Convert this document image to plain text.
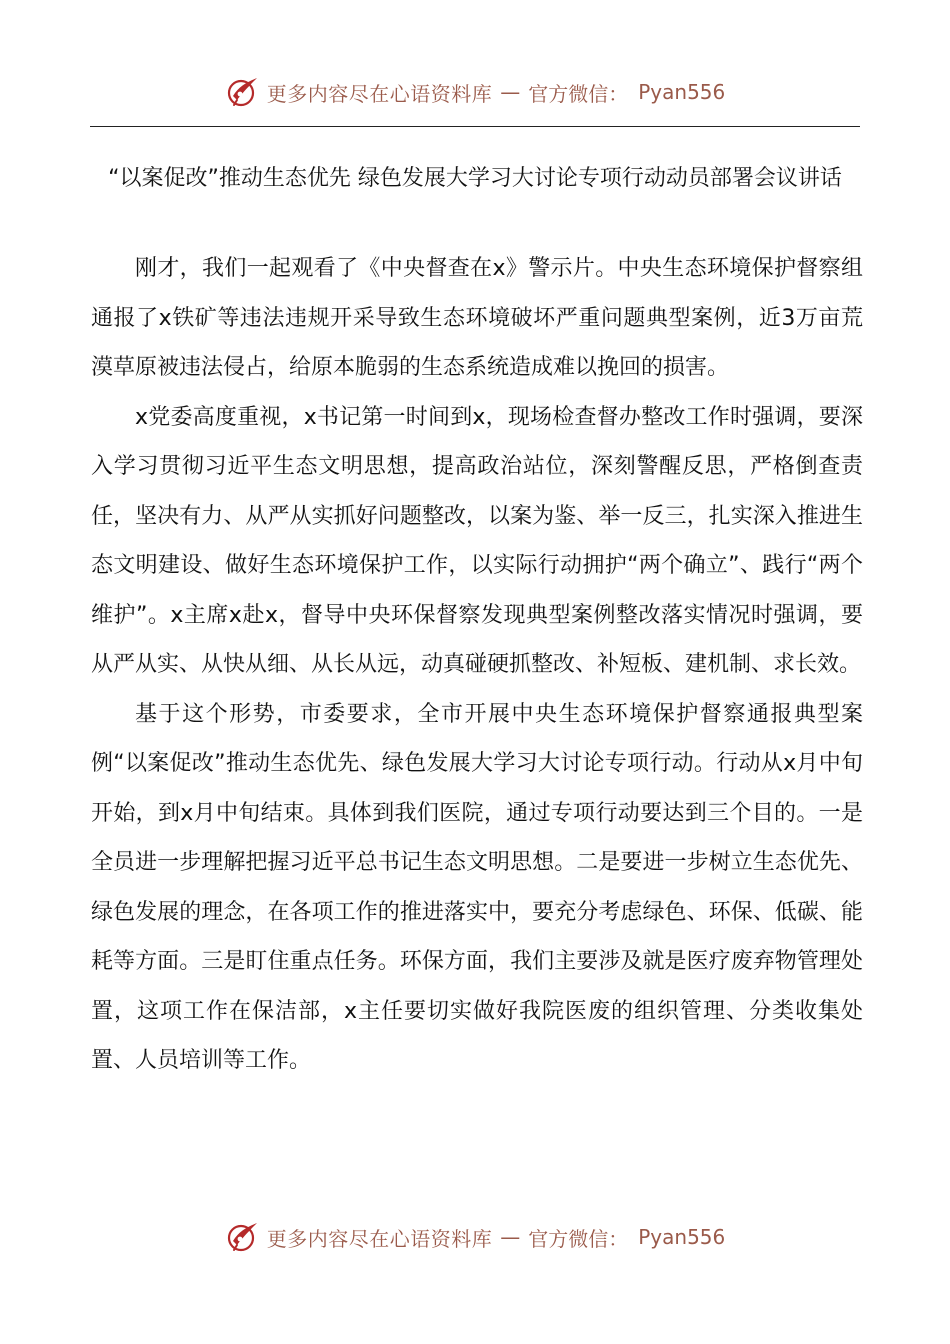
更多内容尽在心语资料库 — 官方微信： Pyan556
“以案促改”推动生态优先 绿色发展大学习大讨论专项行动动员部署会议讲话

刚才，我们一起观看了《中央督查在x》警示片。中央生态环境保护督察组通报了x铁矿等违法违规开采导致生态环境破坏严重问题典型案例，近3万亩荒漠草原被违法侵占，给原本脆弱的生态系统造成难以挽回的损害。

x党委高度重视，x书记第一时间到x，现场检查督办整改工作时强调，要深入学习贯彻习近平生态文明思想，提高政治站位，深刻警醒反思，严格倒查责任，坚决有力、从严从实抓好问题整改，以案为鉴、举一反三，扎实深入推进生态文明建设、做好生态环境保护工作，以实际行动拥护“两个确立”、践行“两个维护”。x主席x赴x，督导中央环保督察发现典型案例整改落实情况时强调，要从严从实、从快从细、从长从远，动真碰硬抓整改、补短板、建机制、求长效。

基于这个形势，市委要求，全市开展中央生态环境保护督察通报典型案例“以案促改”推动生态优先、绿色发展大学习大讨论专项行动。行动从x月中旬开始，到x月中旬结束。具体到我们医院，通过专项行动要达到三个目的。一是全员进一步理解把握习近平总书记生态文明思想。二是要进一步树立生态优先、绿色发展的理念，在各项工作的推进落实中，要充分考虑绿色、环保、低碳、能耗等方面。三是盯住重点任务。环保方面，我们主要涉及就是医疗废弃物管理处置，这项工作在保洁部，x主任要切实做好我院医废的组织管理、分类收集处置、人员培训等工作。

更多内容尽在心语资料库 — 官方微信： Pyan556
